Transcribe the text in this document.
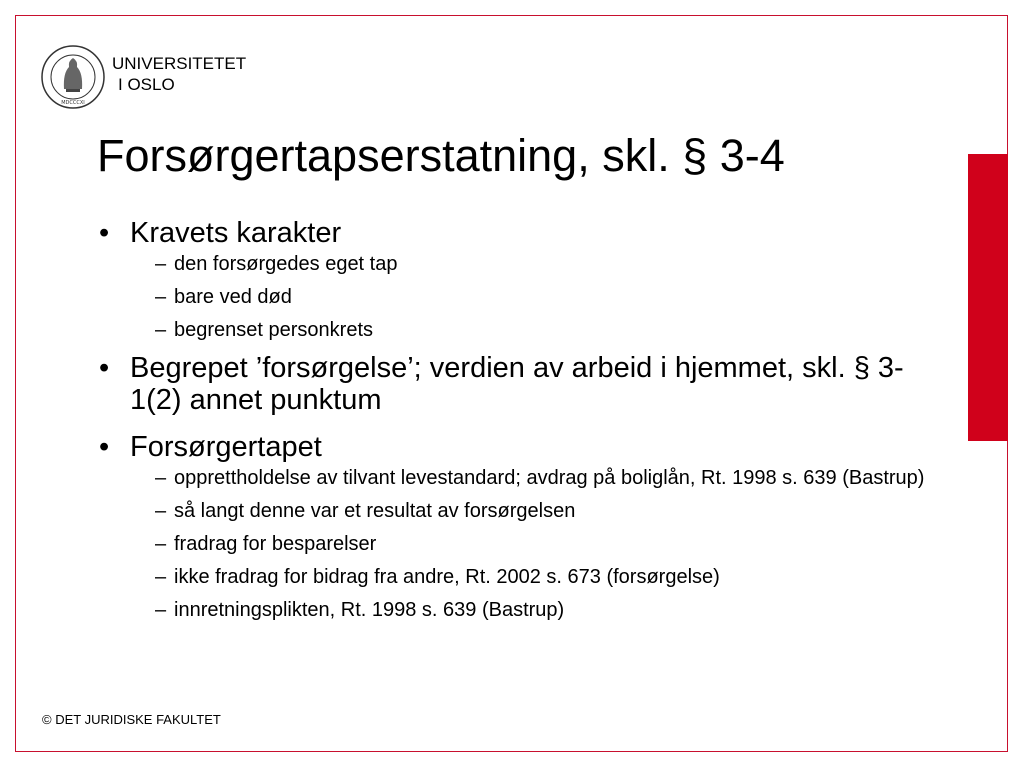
MDCCCXI
UNIVERSITETET
I OSLO
Forsørgertapserstatning, skl. § 3-4
• Kravets karakter
– den forsørgedes eget tap
– bare ved død
– begrenset personkrets
• Begrepet ’forsørgelse’; verdien av arbeid i hjemmet, skl. § 3-1(2) annet punktum
• Forsørgertapet
– opprettholdelse av tilvant levestandard; avdrag på boliglån, Rt. 1998 s. 639 (Bastrup)
– så langt denne var et resultat av forsørgelsen
– fradrag for besparelser
– ikke fradrag for bidrag fra andre, Rt. 2002 s. 673 (forsørgelse)
– innretningsplikten, Rt. 1998 s. 639 (Bastrup)
© DET JURIDISKE FAKULTET
